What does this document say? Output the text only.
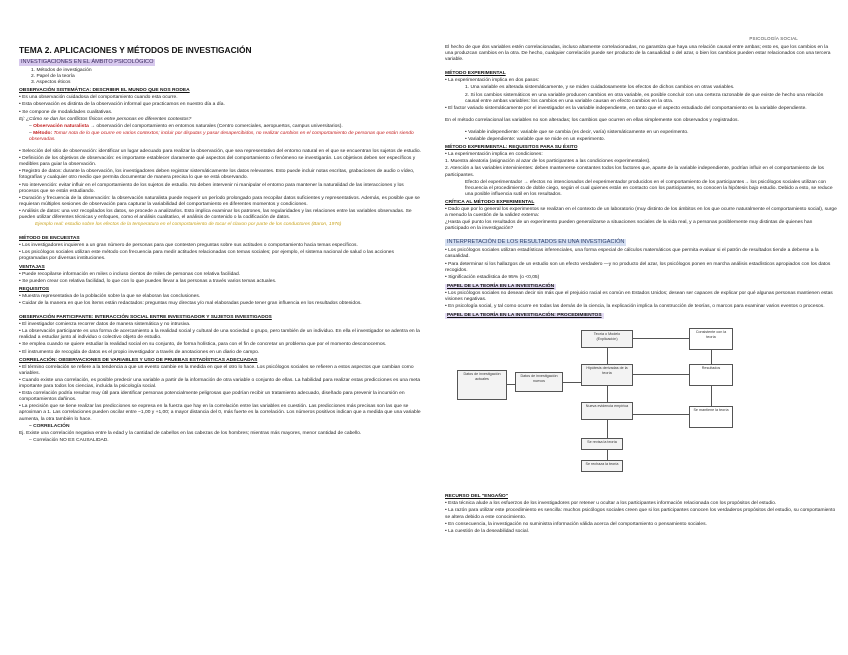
PSICOLOGÍA SOCIAL
TEMA 2. APLICACIONES Y MÉTODOS DE INVESTIGACIÓN
INVESTIGACIONES EN EL ÁMBITO PSICOLÓGICO
1. Métodos de investigación
2. Papel de la teoría
3. Aspectos éticos
OBSERVACIÓN SISTEMÁTICA: DESCRIBIR EL MUNDO QUE NOS RODEA
• Es una observación cuidadosa del comportamiento cuando esta ocurre.
• Esta observación es distinta de la observación informal que practicamos en nuestro día a día.
• Se compone de modalidades cualitativas.
Ej: ¿Cómo se dan los conflictos físicos entre personas en diferentes contextos?
– Observación naturalista → observación del comportamiento en entornos naturales (Centro comerciales, aeropuertos, campus universitarios).
– Método: Tomar nota de lo que ocurre en varios contextos; incluir por disputas y pasar desapercibidos, no realizar cambios en el comportamiento de personas que están siendo observadas.
• Selección del sitio de observación: identificar un lugar adecuado para realizar la observación, que sea representativo del entorno natural en el que se encuentran los sujetos de estudio.
• Definición de los objetivos de observación: es importante establecer claramente qué aspectos del comportamiento o fenómeno se investigarán. Los objetivos deben ser específicos y medibles para guiar la observación.
• Registro de datos: durante la observación, los investigadores deben registrar sistemáticamente los datos relevantes. Esto puede incluir notas escritas, grabaciones de audio o vídeo, fotografías y cualquier otro medio que permita documentar de manera precisa lo que se está observando.
• No intervención: evitar influir en el comportamiento de los sujetos de estudio. No deben intervenir ni manipular el entorno para mantener la naturalidad de las interacciones y los procesos que se están estudiando.
• Duración y frecuencia de la observación: la observación naturalista puede requerir un período prolongado para recopilar datos suficientes y representativos. Además, es posible que se requieran múltiples sesiones de observación para capturar la variabilidad del comportamiento en diferentes momentos y condiciones.
• Análisis de datos: una vez recopilados los datos, se procede a analizarlos. Esto implica examinar los patrones, las regularidades y las relaciones entre las variables observadas. Se pueden utilizar diferentes técnicas y enfoques, como el análisis cualitativo, el análisis de contenido o la codificación de datos.
Ejemplo real: estudio sobre los efectos de la temperatura en el comportamiento de tocar el claxon por parte de los conductores (Baron, 1976)
MÉTODO DE ENCUESTAS
• Los investigadores inquieren a un gran número de personas para que contesten preguntas sobre sus actitudes o comportamiento hacia temas específicos.
• Los psicólogos sociales utilizan este método con frecuencia para medir actitudes relacionadas con temas sociales; por ejemplo, el sistema nacional de salud o las acciones programadas por diversas instituciones.
VENTAJAS
• Puede recopilarse información en miles o incluso cientos de miles de personas con relativa facilidad.
• Se pueden crear con relativa facilidad, lo que con lo que puedes llevar a las personas a través varios temas actuales.
REQUISITOS
• Muestra representativa de la población sobre la que se elaboran las conclusiones.
• Cuidar de la manera en que los ítems están redactados: preguntas muy directas y/o mal elaboradas puede tener gran influencia en los resultados obtenidos.
OBSERVACIÓN PARTICIPANTE: INTERACCIÓN SOCIAL ENTRE INVESTIGADOR Y SUJETOS INVESTIGADOS
• El investigador comienza recorrer datos de manera sistemática y no intrusiva.
• La observación participante es una forma de acercamiento a la realidad social y cultural de una sociedad o grupo, pero también de un individuo. En ella el investigador se adentra en la realidad a estudiar junto al individuo o colectivo objeto de estudio.
• Se emplea cuando se quiere estudiar la realidad social en su conjunto, de forma holística, para con el fin de concretar un problema que por el momento desconocemos.
• El instrumento de recogida de datos es el propio investigador a través de anotaciones en un diario de campo.
CORRELACIÓN: OBSERVACIONES DE VARIABLES Y USO DE PRUEBAS ESTADÍSTICAS ADECUADAS
• El término correlación se refiere a la tendencia a que un evento cambie en la medida en que el otro lo hace. Los psicólogos sociales se refieren a estos aspectos que cambian como variables.
• Cuando existe una correlación, es posible predecir una variable a partir de la información de otra variable o conjunto de ellas. La habilidad para realizar estas predicciones es una meta importante para todos los ciencias, incluida la psicología social.
• Esta correlación podría resultar muy útil para identificar personas potencialmente peligrosas que podrían recibir un tratamiento adecuado, diseñado para prevenir la incursión en comportamientos dañinos.
• La precisión que se tiene realizar las predicciones se expresa en la fuerza que hay en la correlación entre las variables en cuestión. Las predicciones más precisas son las que se aproximan a 1. Las correlaciones pueden oscilar entre −1,00 y +1,00; a mayor distancia del 0, más fuerte es la correlación. Los números positivos indican que a medida que una variable aumenta, la otra también lo hace.
– CORRELACIÓN
Ej. Existe una correlación negativa entre la edad y la cantidad de cabellos en las cabezas de los hombres; mientras más mayores, menor cantidad de cabello.
– Correlación NO ES CAUSALIDAD.
El hecho de que dos variables estén correlacionadas, incluso altamente correlacionadas, no garantiza que haya una relación causal entre ambas; esto es, que los cambios en la una produzcan cambios en la otra. De hecho, cualquier correlación puede ser producto de la casualidad o del azar, o bien los cambios pueden estar relacionados con una tercera variable.
MÉTODO EXPERIMENTAL
• La experimentación implica en dos pasos:
1. Una variable es alterada sistemáticamente, y se miden cuidadosamente los efectos de dichos cambios en otras variables.
2. Si los cambios sistemáticos en una variable producen cambios en otra variable, es posible concluir con una certeza razonable de que existe de hecho una relación causal entre ambas variables: los cambios en una variable causan en efecto cambios en la otra.
• El factor variado sistemáticamente por el investigador es la variable independiente, en tanto que el aspecto estudiado del comportamiento es la variable dependiente.
En el método correlacional las variables no son alteradas; los cambios que ocurren en ellas simplemente son observados y registrados.
• Variable independiente: variable que se cambia (es decir, varía) sistemáticamente en un experimento.
• Variable dependiente: variable que se mide en un experimento.
MÉTODO EXPERIMENTAL: REQUISITOS PARA SU ÉXITO
• La experimentación implica en condiciones:
1. Muestra aleatoria (asignación al azar de los participantes a las condiciones experimentales).
2. Atención a las variables intervinientes: deben mantenerse constantes todos los factores que, aparte de la variable independiente, podrían influir en el comportamiento de los participantes.
Efecto del experimentador → efectos no intencionados del experimentador producidos en el comportamiento de los participantes→ los psicólogos sociales utilizan con frecuencia el procedimiento de doble ciego, según el cual quienes están en contacto con los participantes, no conocen la hipótesis bajo estudio. Debido a esto, se reduce una posible influencia sutil en los resultados.
CRÍTICA AL MÉTODO EXPERIMENTAL
• Dado que por lo general los experimentos se realizan en el contexto de un laboratorio (muy distinto de los ámbitos en los que ocurre naturalmente el comportamiento social), surge a menudo la cuestión de la validez externa:
¿Hasta qué punto los resultados de un experimento pueden generalizarse a situaciones sociales de la vida real, y a personas posiblemente muy distintas de quienes han participado en la investigación?
INTERPRETACIÓN DE LOS RESULTADOS EN UNA INVESTIGACIÓN
• Los psicólogos sociales utilizan estadísticas inferenciales, una forma especial de cálculos matemáticos que permita evaluar si el patrón de resultados tiende a deberse a la casualidad.
• Para determinar si los hallazgos de un estudio son un efecto verdadero —y no producto del azar, los psicólogos ponen en marcha análisis estadísticos apropiados con los datos recogidos.
• Significación estadística de 95% (o <0,05)
PAPEL DE LA TEORÍA EN LA INVESTIGACIÓN
• Los psicólogos sociales no desean decir sin más que el prejuicio racial es común en Estados Unidos; desean ser capaces de explicar por qué algunas personas mantienen estas visiones negativas.
• En psicología social, y tal como ocurre en todas las demás de la ciencia, la explicación implica la construcción de teorías, o marcos para examinar varios eventos o procesos.
PAPEL DE LA TEORÍA EN LA INVESTIGACIÓN: PROCEDIMIENTOS
Teoría o Modelo (Explicación)
Consistente con la teoría
Hipótesis derivadas de la teoría
Datos de investigación actuales
Datos de investigación nuevos
Resultados
Nueva evidencia empírica
Se mantiene la teoría
Se revisa la teoría
Se rechaza la teoría
RECURSO DEL "ENGAÑO"
• Esta técnica alude a los esfuerzos de los investigadores por retener u ocultar a los participantes información relacionada con los propósitos del estudio.
• La razón para utilizar este procedimiento es sencilla: muchos psicólogos sociales creen que si los participantes conocen los verdaderos propósitos del estudio, su comportamiento se altera debido a este conocimiento.
• En consecuencia, la investigación no suministra información válida acerca del comportamiento o pensamiento sociales.
• La cuestión de la deseabilidad social.
